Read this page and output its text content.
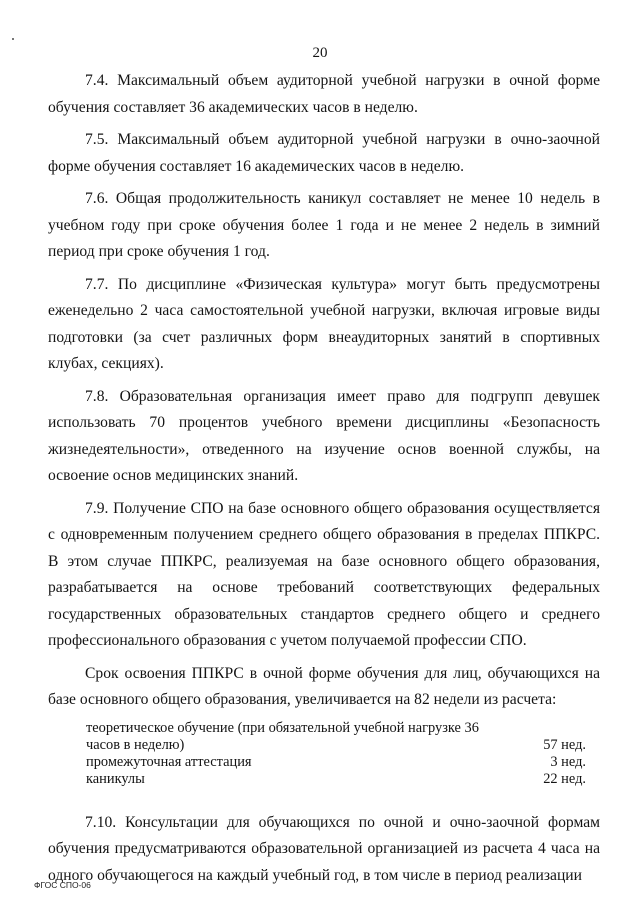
20

7.4. Максимальный объем аудиторной учебной нагрузки в очной форме обучения составляет 36 академических часов в неделю.

7.5. Максимальный объем аудиторной учебной нагрузки в очно-заочной форме обучения составляет 16 академических часов в неделю.

7.6. Общая продолжительность каникул составляет не менее 10 недель в учебном году при сроке обучения более 1 года и не менее 2 недель в зимний период при сроке обучения 1 год.

7.7. По дисциплине «Физическая культура» могут быть предусмотрены еженедельно 2 часа самостоятельной учебной нагрузки, включая игровые виды подготовки (за счет различных форм внеаудиторных занятий в спортивных клубах, секциях).

7.8. Образовательная организация имеет право для подгрупп девушек использовать 70 процентов учебного времени дисциплины «Безопасность жизнедеятельности», отведенного на изучение основ военной службы, на освоение основ медицинских знаний.

7.9. Получение СПО на базе основного общего образования осуществляется с одновременным получением среднего общего образования в пределах ППКРС. В этом случае ППКРС, реализуемая на базе основного общего образования, разрабатывается на основе требований соответствующих федеральных государственных образовательных стандартов среднего общего и среднего профессионального образования с учетом получаемой профессии СПО.

Срок освоения ППКРС в очной форме обучения для лиц, обучающихся на базе основного общего образования, увеличивается на 82 недели из расчета:

теоретическое обучение (при обязательной учебной нагрузке 36 часов в неделю)	57 нед.
промежуточная аттестация	3 нед.
каникулы	22 нед.

7.10. Консультации для обучающихся по очной и очно-заочной формам обучения предусматриваются образовательной организацией из расчета 4 часа на одного обучающегося на каждый учебный год, в том числе в период реализации

ФГОС СПО-06
